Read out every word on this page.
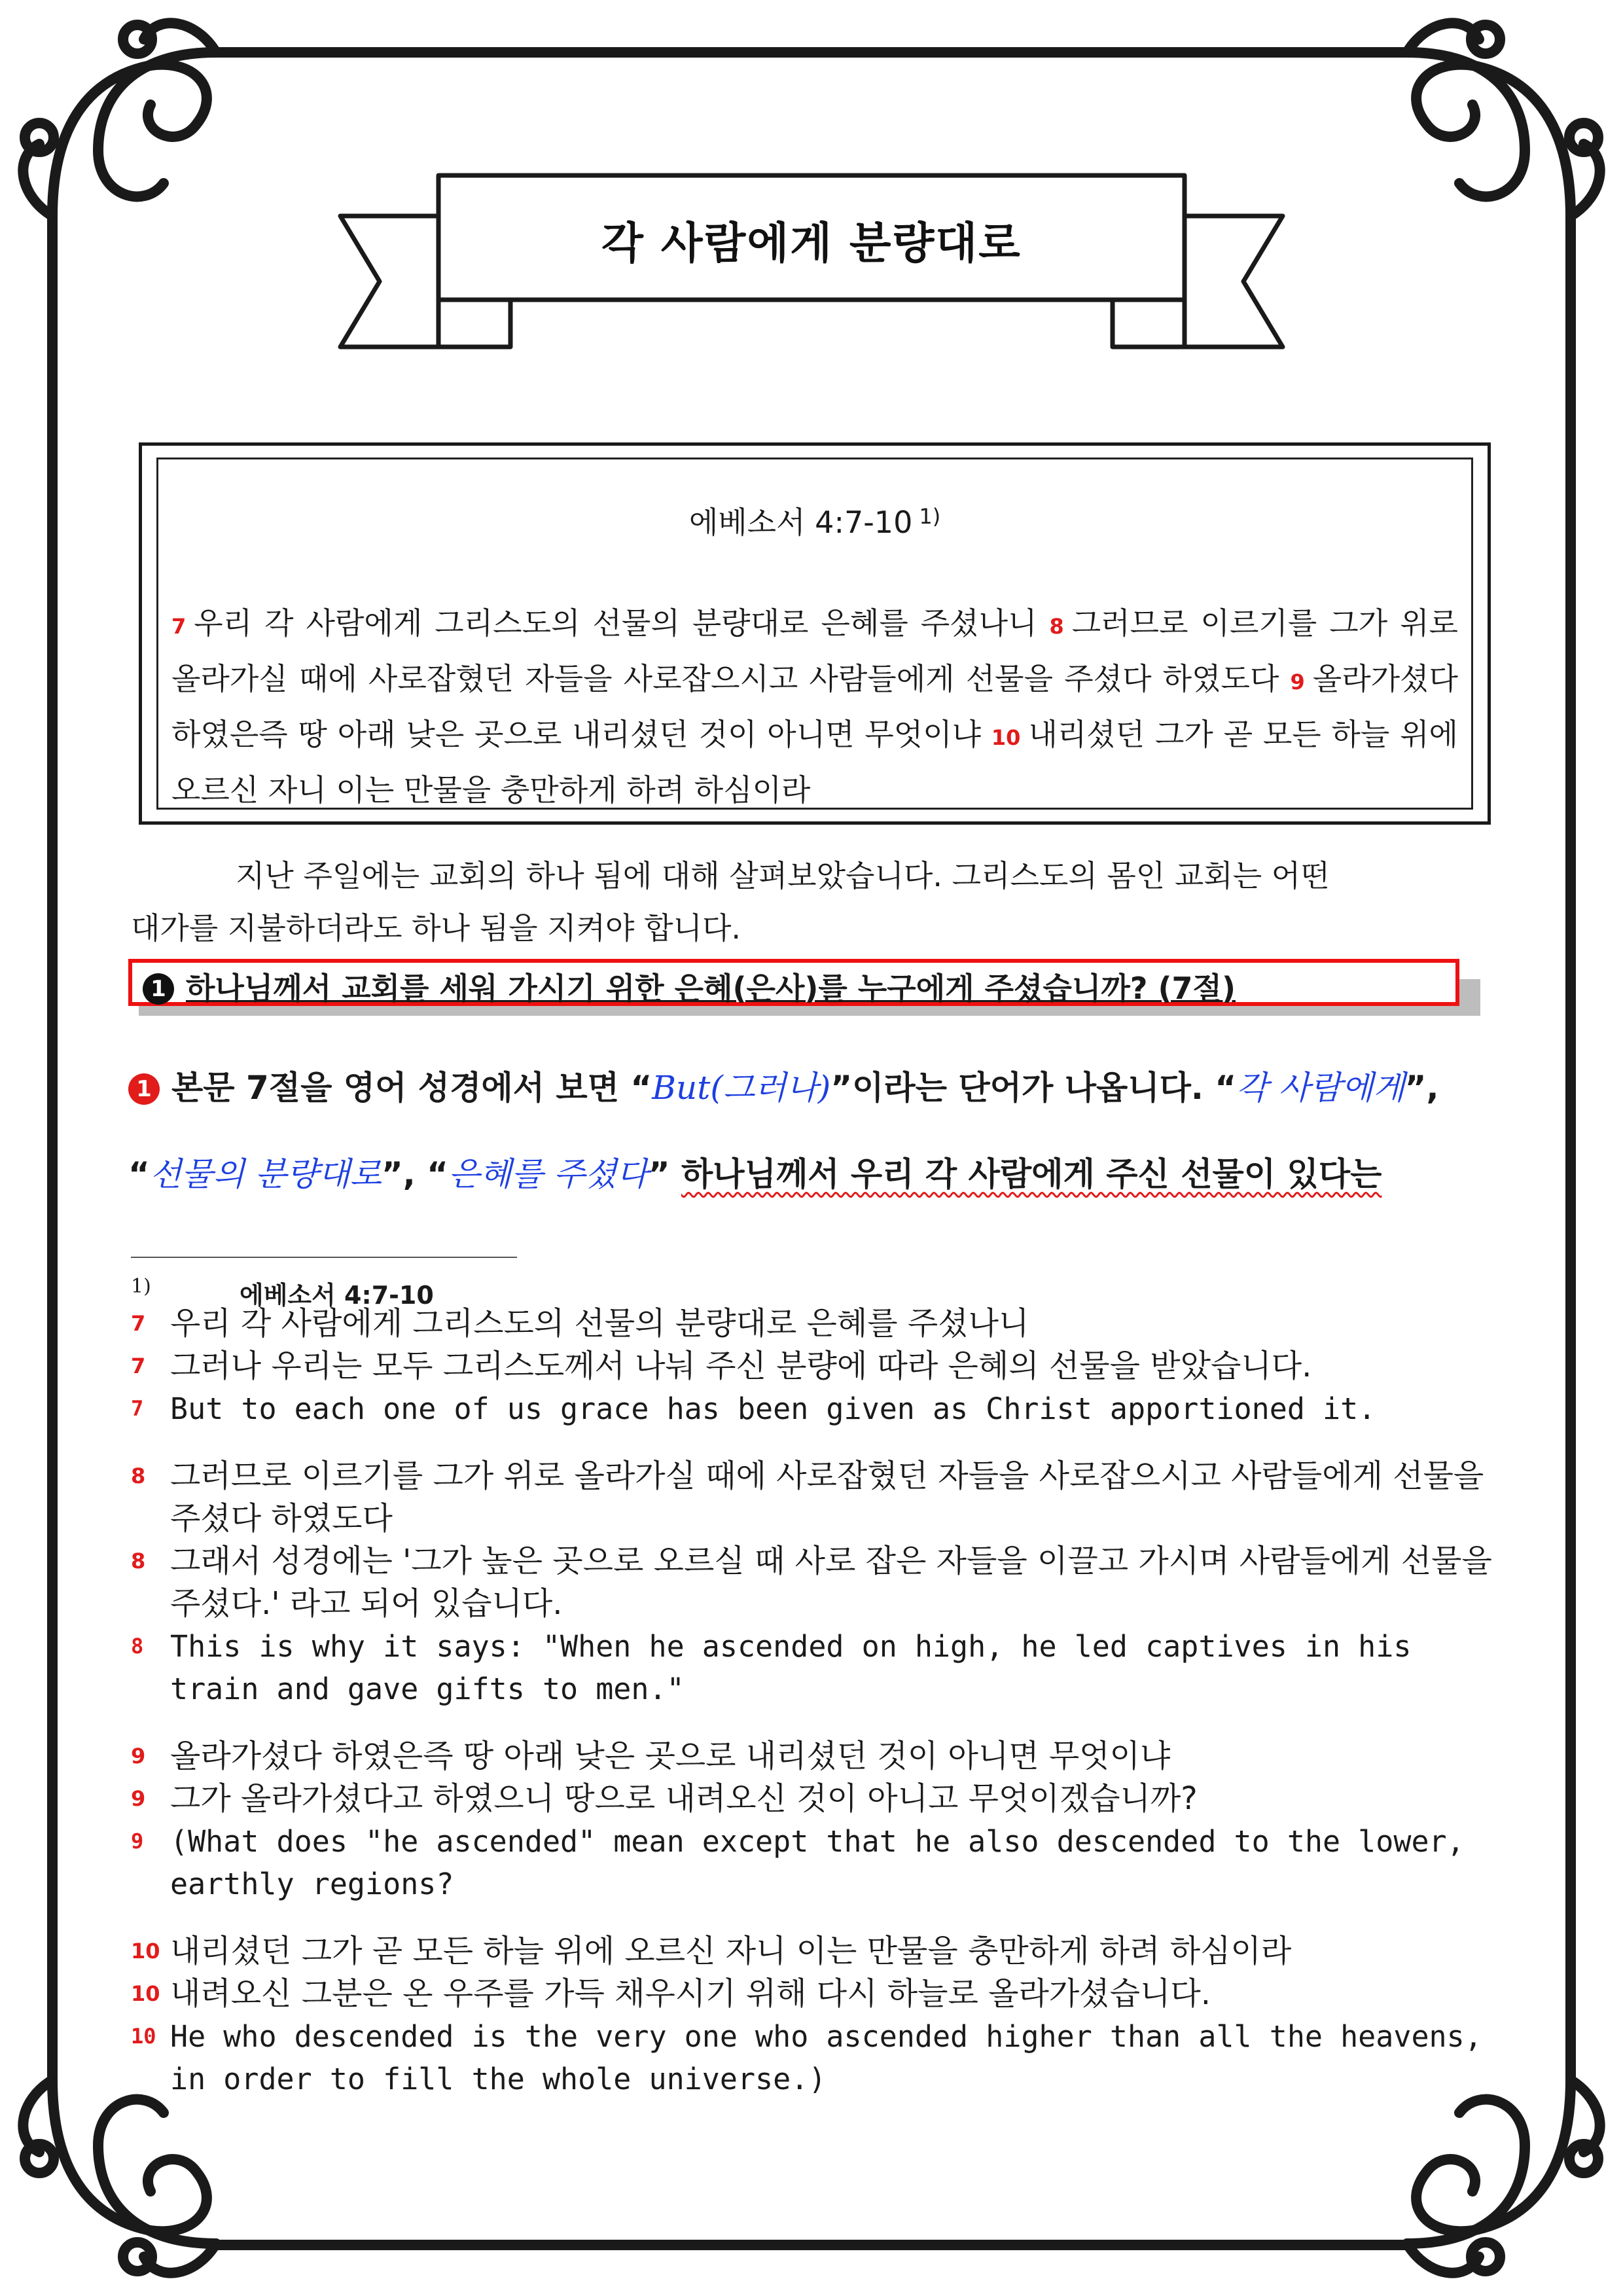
각 사람에게 분량대로
에베소서 4:7-10 $^{1)}$
7 우리 각 사람에게 그리스도의 선물의 분량대로 은혜를 주셨나니 8 그러므로 이르기를 그가 위로 올라가실 때에 사로잡혔던 자들을 사로잡으시고 사람들에게 선물을 주셨다 하였도다 9 올라가셨다 하였은즉 땅 아래 낮은 곳으로 내리셨던 것이 아니면 무엇이냐 10 내리셨던 그가 곧 모든 하늘 위에 오르신 자니 이는 만물을 충만하게 하려 하심이라
지난 주일에는 교회의 하나 됨에 대해 살펴보았습니다. 그리스도의 몸인 교회는 어떤
대가를 지불하더라도 하나 됨을 지켜야 합니다.
1 하나님께서 교회를 세워 가시기 위한 은혜(은사)를 누구에게 주셨습니까? (7절)
1 본문 7절을 영어 성경에서 보면 “But(그러나)”이라는 단어가 나옵니다. “각 사람에게”,
“선물의 분량대로”, “은혜를 주셨다” 하나님께서 우리 각 사람에게 주신 선물이 있다는
1)	에베소서 4:7-10
7 우리 각 사람에게 그리스도의 선물의 분량대로 은혜를 주셨나니
7 그러나 우리는 모두 그리스도께서 나눠 주신 분량에 따라 은혜의 선물을 받았습니다.
7 But to each one of us grace has been given as Christ apportioned it.
8 그러므로 이르기를 그가 위로 올라가실 때에 사로잡혔던 자들을 사로잡으시고 사람들에게 선물을 주셨다 하였도다
8 그래서 성경에는 '그가 높은 곳으로 오르실 때 사로 잡은 자들을 이끌고 가시며 사람들에게 선물을 주셨다.' 라고 되어 있습니다.
8 This is why it says: "When he ascended on high, he led captives in his train and gave gifts to men."
9 올라가셨다 하였은즉 땅 아래 낮은 곳으로 내리셨던 것이 아니면 무엇이냐
9 그가 올라가셨다고 하였으니 땅으로 내려오신 것이 아니고 무엇이겠습니까?
9 (What does "he ascended" mean except that he also descended to the lower, earthly regions?
10 내리셨던 그가 곧 모든 하늘 위에 오르신 자니 이는 만물을 충만하게 하려 하심이라
10 내려오신 그분은 온 우주를 가득 채우시기 위해 다시 하늘로 올라가셨습니다.
10 He who descended is the very one who ascended higher than all the heavens, in order to fill the whole universe.)
